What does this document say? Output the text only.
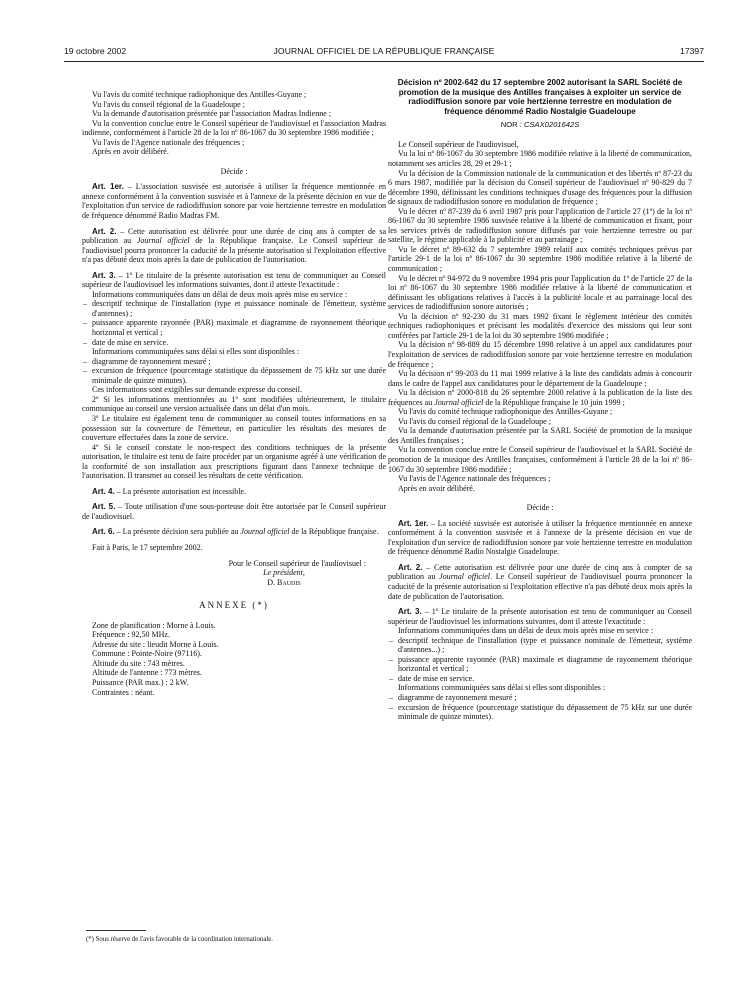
19 octobre 2002	JOURNAL OFFICIEL DE LA RÉPUBLIQUE FRANÇAISE	17397

Vu l'avis du comité technique radiophonique des Antilles-Guyane ;

Vu l'avis du conseil régional de la Guadeloupe ;

Vu la demande d'autorisation présentée par l'association Madras Indienne ;

Vu la convention conclue entre le Conseil supérieur de l'audiovisuel et l'association Madras indienne, conformément à l'article 28 de la loi nº 86-1067 du 30 septembre 1986 modifiée ;

Vu l'avis de l'Agence nationale des fréquences ;

Après en avoir délibéré.

Décide :

Art. 1er. – L'association susvisée est autorisée à utiliser la fréquence mentionnée en annexe conformément à la convention susvisée et à l'annexe de la présente décision en vue de l'exploitation d'un service de radiodiffusion sonore par voie hertzienne terrestre en modulation de fréquence dénommé Radio Madras FM.

Art. 2. – Cette autorisation est délivrée pour une durée de cinq ans à compter de sa publication au Journal officiel de la République française. Le Conseil supérieur de l'audiovisuel pourra prononcer la caducité de la présente autorisation si l'exploitation effective n'a pas débuté deux mois après la date de publication de l'autorisation.

Art. 3. – 1º Le titulaire de la présente autorisation est tenu de communiquer au Conseil supérieur de l'audiovisuel les informations suivantes, dont il atteste l'exactitude :

Informations communiquées dans un délai de deux mois après mise en service :

– descriptif technique de l'installation (type et puissance nominale de l'émetteur, système d'antennes) ;
– puissance apparente rayonnée (PAR) maximale et diagramme de rayonnement théorique horizontal et vertical ;
– date de mise en service.

Informations communiquées sans délai si elles sont disponibles :

– diagramme de rayonnement mesuré ;
– excursion de fréquence (pourcentage statistique du dépassement de 75 kHz sur une durée minimale de quinze minutes).

Ces informations sont exigibles sur demande expresse du conseil.

2º Si les informations mentionnées au 1º sont modifiées ultérieurement, le titulaire communique au conseil une version actualisée dans un délai d'un mois.

3º Le titulaire est également tenu de communiquer au conseil toutes informations en sa possession sur la couverture de l'émetteur, en particulier les résultats des mesures de couverture effectuées dans la zone de service.

4º Si le conseil constate le non-respect des conditions techniques de la présente autorisation, le titulaire est tenu de faire procéder par un organisme agréé à une vérification de la conformité de son installation aux prescriptions figurant dans l'annexe technique de l'autorisation. Il transmet au conseil les résultats de cette vérification.

Art. 4. – La présente autorisation est incessible.

Art. 5. – Toute utilisation d'une sous-porteuse doit être autorisée par le Conseil supérieur de l'audiovisuel.

Art. 6. – La présente décision sera publiée au Journal officiel de la République française.

Fait à Paris, le 17 septembre 2002.

Pour le Conseil supérieur de l'audiovisuel :
Le président,
D. Baudis

ANNEXE (*)

Zone de planification : Morne à Louis.

Fréquence : 92,50 MHz.

Adresse du site : lieudit Morne à Louis.

Commune : Pointe-Noire (97116).

Altitude du site : 743 mètres.

Altitude de l'antenne : 773 mètres.

Puissance (PAR max.) : 2 kW.

Contraintes : néant.

(*) Sous réserve de l'avis favorable de la coordination internationale.

Décision nº 2002-642 du 17 septembre 2002 autorisant la SARL Société de promotion de la musique des Antilles françaises à exploiter un service de radiodiffusion sonore par voie hertzienne terrestre en modulation de fréquence dénommé Radio Nostalgie Guadeloupe

NOR : CSAX0201642S

Le Conseil supérieur de l'audiovisuel,

Vu la loi nº 86-1067 du 30 septembre 1986 modifiée relative à la liberté de communication, notamment ses articles 28, 29 et 29-1 ;

Vu la décision de la Commission nationale de la communication et des libertés nº 87-23 du 6 mars 1987, modifiée par la décision du Conseil supérieur de l'audiovisuel nº 90-829 du 7 décembre 1990, définissant les conditions techniques d'usage des fréquences pour la diffusion de signaux de radiodiffusion sonore en modulation de fréquence ;

Vu le décret nº 87-239 du 6 avril 1987 pris pour l'application de l'article 27 (1º) de la loi nº 86-1067 du 30 septembre 1986 susvisée relative à la liberté de communication et fixant, pour les services privés de radiodiffusion sonore diffusés par voie hertzienne terrestre ou par satellite, le régime applicable à la publicité et au parrainage ;

Vu le décret nº 89-632 du 7 septembre 1989 relatif aux comités techniques prévus par l'article 29-1 de la loi nº 86-1067 du 30 septembre 1986 modifiée relative à la liberté de communication ;

Vu le décret nº 94-972 du 9 novembre 1994 pris pour l'application du 1º de l'article 27 de la loi nº 86-1067 du 30 septembre 1986 modifiée relative à la liberté de communication et définissant les obligations relatives à l'accès à la publicité locale et au parrainage local des services de radiodiffusion sonore autorisés ;

Vu la décision nº 92-230 du 31 mars 1992 fixant le règlement intérieur des comités techniques radiophoniques et précisant les modalités d'exercice des missions qui leur sont conférées par l'article 29-1 de la loi du 30 septembre 1986 modifiée ;

Vu la décision nº 98-889 du 15 décembre 1998 relative à un appel aux candidatures pour l'exploitation de services de radiodiffusion sonore par voie hertzienne terrestre en modulation de fréquence ;

Vu la décision nº 99-203 du 11 mai 1999 relative à la liste des candidats admis à concourir dans le cadre de l'appel aux candidatures pour le département de la Guadeloupe ;

Vu la décision nº 2000-818 du 26 septembre 2000 relative à la publication de la liste des fréquences au Journal officiel de la République française le 10 juin 1999 ;

Vu l'avis du comité technique radiophonique des Antilles-Guyane ;

Vu l'avis du conseil régional de la Guadeloupe ;

Vu la demande d'autorisation présentée par la SARL Société de promotion de la musique des Antilles françaises ;

Vu la convention conclue entre le Conseil supérieur de l'audiovisuel et la SARL Société de promotion de la musique des Antilles françaises, conformément à l'article 28 de la loi nº 86-1067 du 30 septembre 1986 modifiée ;

Vu l'avis de l'Agence nationale des fréquences ;

Après en avoir délibéré.

Décide :

Art. 1er. – La société susvisée est autorisée à utiliser la fréquence mentionnée en annexe conformément à la convention susvisée et à l'annexe de la présente décision en vue de l'exploitation d'un service de radiodiffusion sonore par voie hertzienne terrestre en modulation de fréquence dénommé Radio Nostalgie Guadeloupe.

Art. 2. – Cette autorisation est délivrée pour une durée de cinq ans à compter de sa publication au Journal officiel. Le Conseil supérieur de l'audiovisuel pourra prononcer la caducité de la présente autorisation si l'exploitation effective n'a pas débuté deux mois après la date de publication de l'autorisation.

Art. 3. – 1º Le titulaire de la présente autorisation est tenu de communiquer au Conseil supérieur de l'audiovisuel les informations suivantes, dont il atteste l'exactitude :

Informations communiquées dans un délai de deux mois après mise en service :

– descriptif technique de l'installation (type et puissance nominale de l'émetteur, système d'antennes...) ;
– puissance apparente rayonnée (PAR) maximale et diagramme de rayonnement théorique horizontal et vertical ;
– date de mise en service.

Informations communiquées sans délai si elles sont disponibles :

– diagramme de rayonnement mesuré ;
– excursion de fréquence (pourcentage statistique du dépassement de 75 kHz sur une durée minimale de quinze minutes).
